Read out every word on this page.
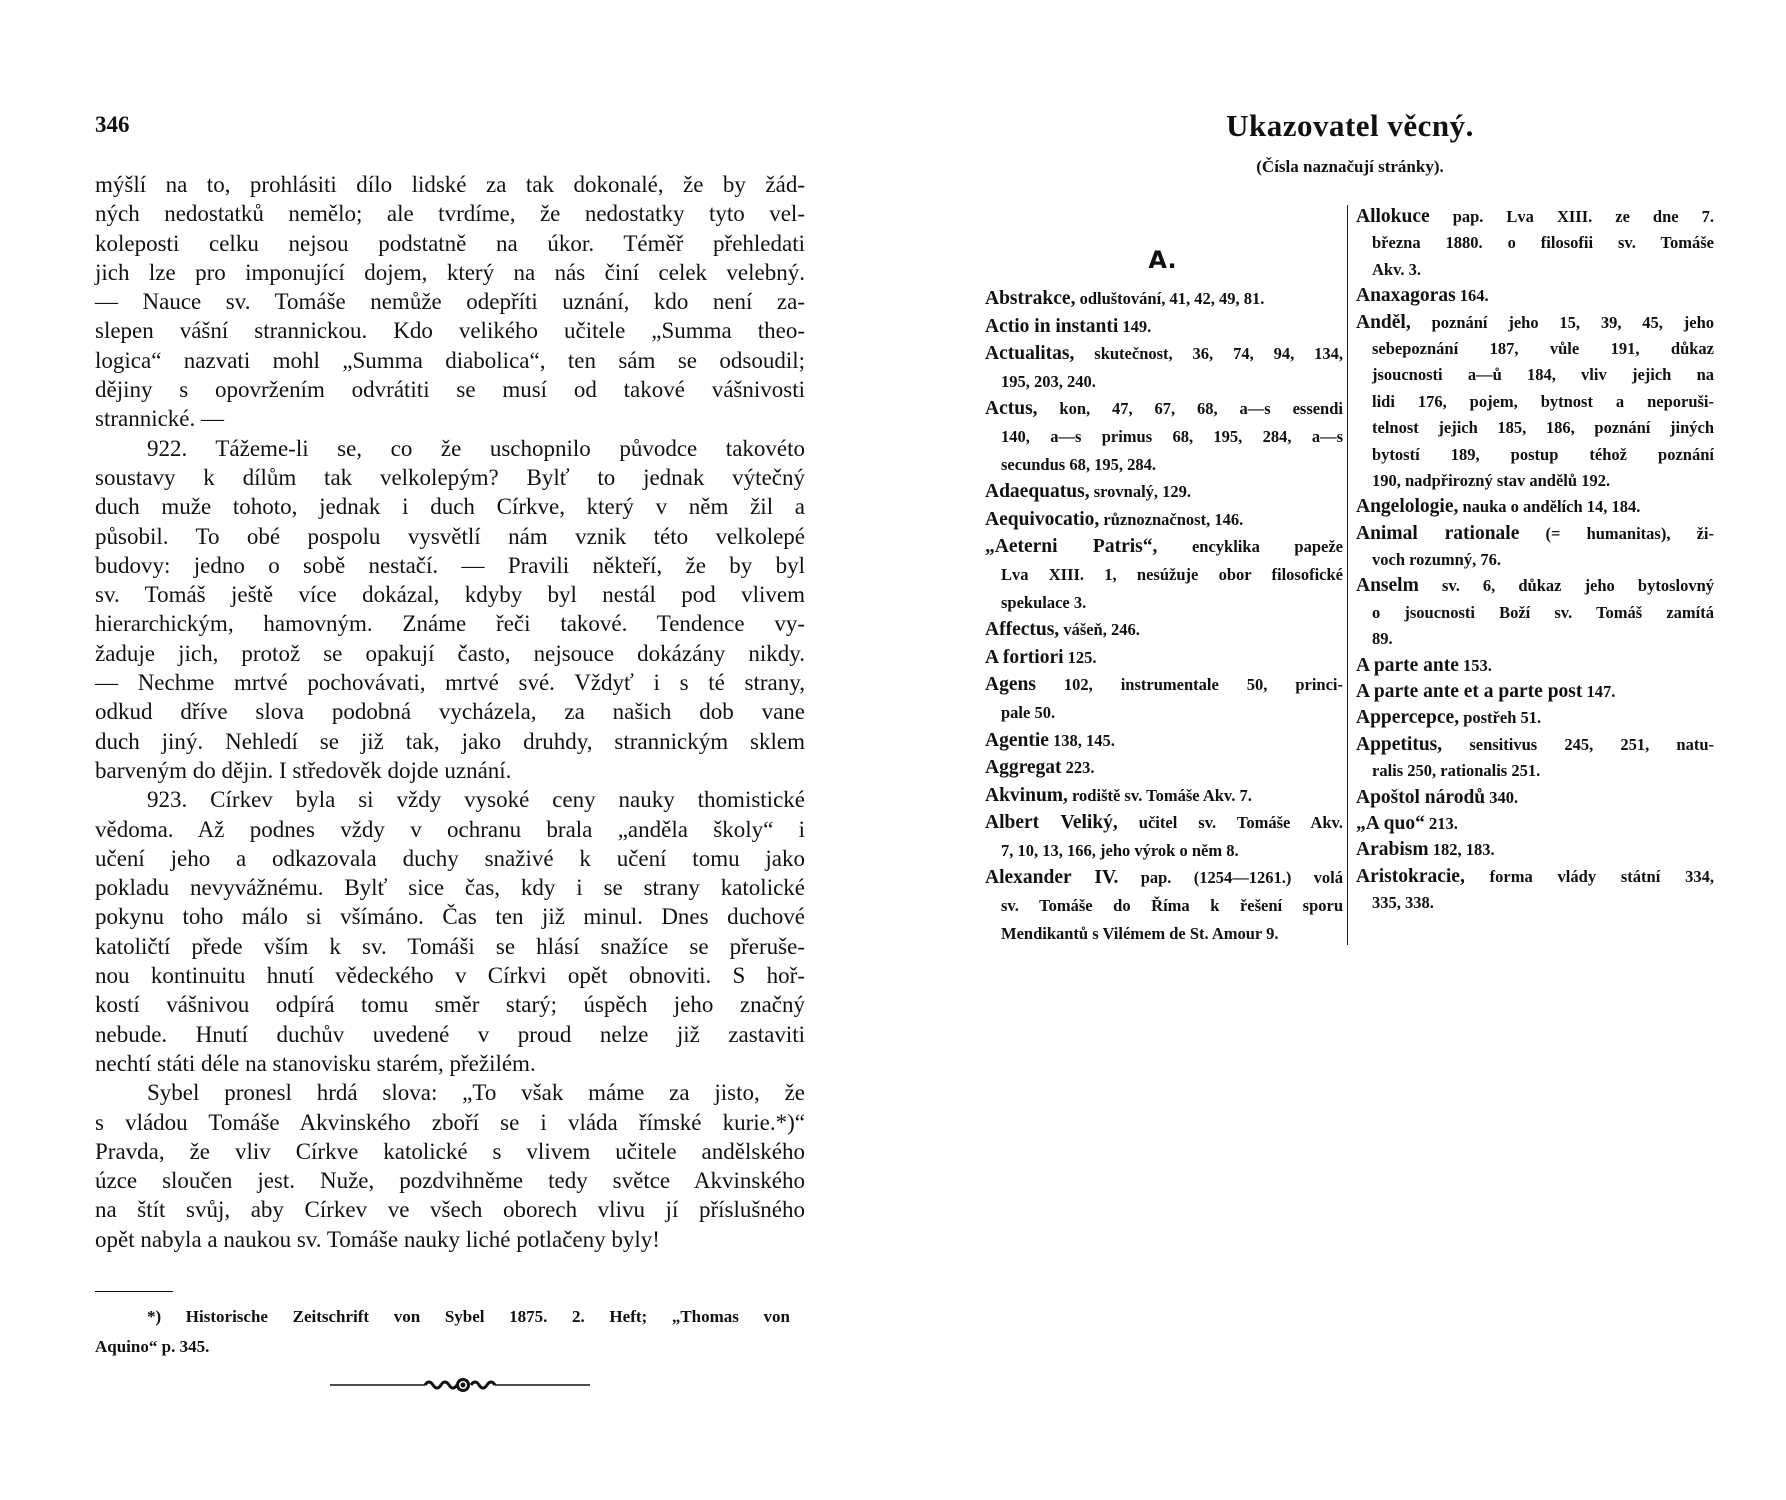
346
mýšlí na to, prohlásiti dílo lidské za tak dokonalé, že by žád-
ných nedostatků nemělo; ale tvrdíme, že nedostatky tyto vel-
koleposti celku nejsou podstatně na úkor. Téměř přehledati
jich lze pro imponující dojem, který na nás činí celek velebný.
— Nauce sv. Tomáše nemůže odepříti uznání, kdo není za-
slepen vášní strannickou. Kdo velikého učitele „Summa theo-
logica“ nazvati mohl „Summa diabolica“, ten sám se odsoudil;
dějiny s opovržením odvrátiti se musí od takové vášnivosti
strannické. —
922. Tážeme-li se, co že uschopnilo původce takovéto
soustavy k dílům tak velkolepým? Bylť to jednak výtečný
duch muže tohoto, jednak i duch Církve, který v něm žil a
působil. To obé pospolu vysvětlí nám vznik této velkolepé
budovy: jedno o sobě nestačí. — Pravili někteří, že by byl
sv. Tomáš ještě více dokázal, kdyby byl nestál pod vlivem
hierarchickým, hamovným. Známe řeči takové. Tendence vy-
žaduje jich, protož se opakují často, nejsouce dokázány nikdy.
— Nechme mrtvé pochovávati, mrtvé své. Vždyť i s té strany,
odkud dříve slova podobná vycházela, za našich dob vane
duch jiný. Nehledí se již tak, jako druhdy, strannickým sklem
barveným do dějin. I středověk dojde uznání.
923. Církev byla si vždy vysoké ceny nauky thomistické
vědoma. Až podnes vždy v ochranu brala „anděla školy“ i
učení jeho a odkazovala duchy snaživé k učení tomu jako
pokladu nevyvážnému. Bylť sice čas, kdy i se strany katolické
pokynu toho málo si všímáno. Čas ten již minul. Dnes duchové
katoličtí přede vším k sv. Tomáši se hlásí snažíce se přeruše-
nou kontinuitu hnutí vědeckého v Církvi opět obnoviti. S hoř-
kostí vášnivou odpírá tomu směr starý; úspěch jeho značný
nebude. Hnutí duchův uvedené v proud nelze již zastaviti
nechtí státi déle na stanovisku starém, přežilém.
Sybel pronesl hrdá slova: „To však máme za jisto, že
s vládou Tomáše Akvinského zboří se i vláda římské kurie.*)“
Pravda, že vliv Církve katolické s vlivem učitele andělského
úzce sloučen jest. Nuže, pozdvihněme tedy světce Akvinského
na štít svůj, aby Církev ve všech oborech vlivu jí příslušného
opět nabyla a naukou sv. Tomáše nauky liché potlačeny byly!
*) Historische Zeitschrift von Sybel 1875. 2. Heft; „Thomas von
Aquino“ p. 345.
Ukazovatel věcný.
(Čísla naznačují stránky).
A.
Abstrakce, odluštování, 41, 42, 49, 81.
Actio in instanti 149.
Actualitas, skutečnost, 36, 74, 94, 134,
195, 203, 240.
Actus, kon, 47, 67, 68, a—s essendi
140, a—s primus 68, 195, 284, a—s
secundus 68, 195, 284.
Adaequatus, srovnalý, 129.
Aequivocatio, různoznačnost, 146.
„Aeterni Patris“, encyklika papeže
Lva XIII. 1, nesúžuje obor filosofické
spekulace 3.
Affectus, vášeň, 246.
A fortiori 125.
Agens 102, instrumentale 50, princi-
pale 50.
Agentie 138, 145.
Aggregat 223.
Akvinum, rodiště sv. Tomáše Akv. 7.
Albert Veliký, učitel sv. Tomáše Akv.
7, 10, 13, 166, jeho výrok o něm 8.
Alexander IV. pap. (1254—1261.) volá
sv. Tomáše do Říma k řešení sporu
Mendikantů s Vilémem de St. Amour 9.
Allokuce pap. Lva XIII. ze dne 7.
března 1880. o filosofii sv. Tomáše
Akv. 3.
Anaxagoras 164.
Anděl, poznání jeho 15, 39, 45, jeho
sebepoznání 187, vůle 191, důkaz
jsoucnosti a—ů 184, vliv jejich na
lidi 176, pojem, bytnost a neporuši-
telnost jejich 185, 186, poznání jiných
bytostí 189, postup téhož poznání
190, nadpřirozný stav andělů 192.
Angelologie, nauka o andělích 14, 184.
Animal rationale (= humanitas), ži-
voch rozumný, 76.
Anselm sv. 6, důkaz jeho bytoslovný
o jsoucnosti Boží sv. Tomáš zamítá
89.
A parte ante 153.
A parte ante et a parte post 147.
Appercepce, postřeh 51.
Appetitus, sensitivus 245, 251, natu-
ralis 250, rationalis 251.
Apoštol národů 340.
„A quo“ 213.
Arabism 182, 183.
Aristokracie, forma vlády státní 334,
335, 338.
